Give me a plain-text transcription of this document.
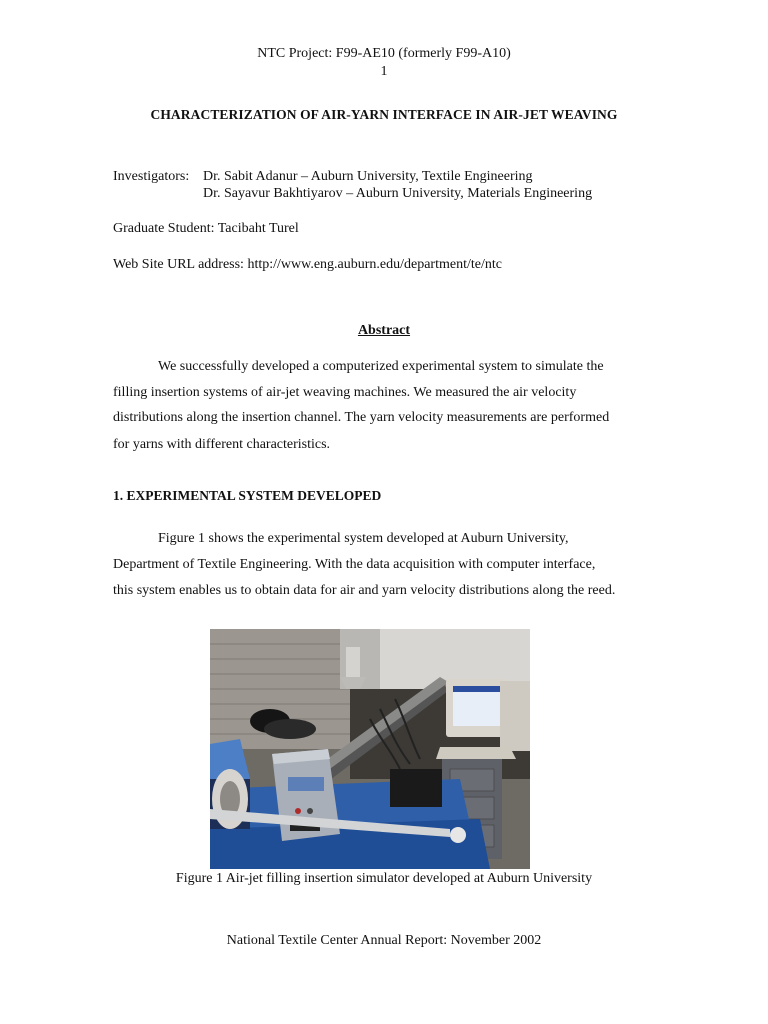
NTC Project: F99-AE10 (formerly F99-A10)
1
CHARACTERIZATION OF AIR-YARN INTERFACE IN AIR-JET WEAVING
Investigators: Dr. Sabit Adanur – Auburn University, Textile Engineering
Dr. Sayavur Bakhtiyarov – Auburn University, Materials Engineering
Graduate Student: Tacibaht Turel
Web Site URL address: http://www.eng.auburn.edu/department/te/ntc
Abstract
We successfully developed a computerized experimental system to simulate the
filling insertion systems of air-jet weaving machines. We measured the air velocity
distributions along the insertion channel. The yarn velocity measurements are performed
for yarns with different characteristics.
1. EXPERIMENTAL SYSTEM DEVELOPED
Figure 1 shows the experimental system developed at Auburn University,
Department of Textile Engineering. With the data acquisition with computer interface,
this system enables us to obtain data for air and yarn velocity distributions along the reed.
Figure 1 Air-jet filling insertion simulator developed at Auburn University
National Textile Center Annual Report: November 2002
